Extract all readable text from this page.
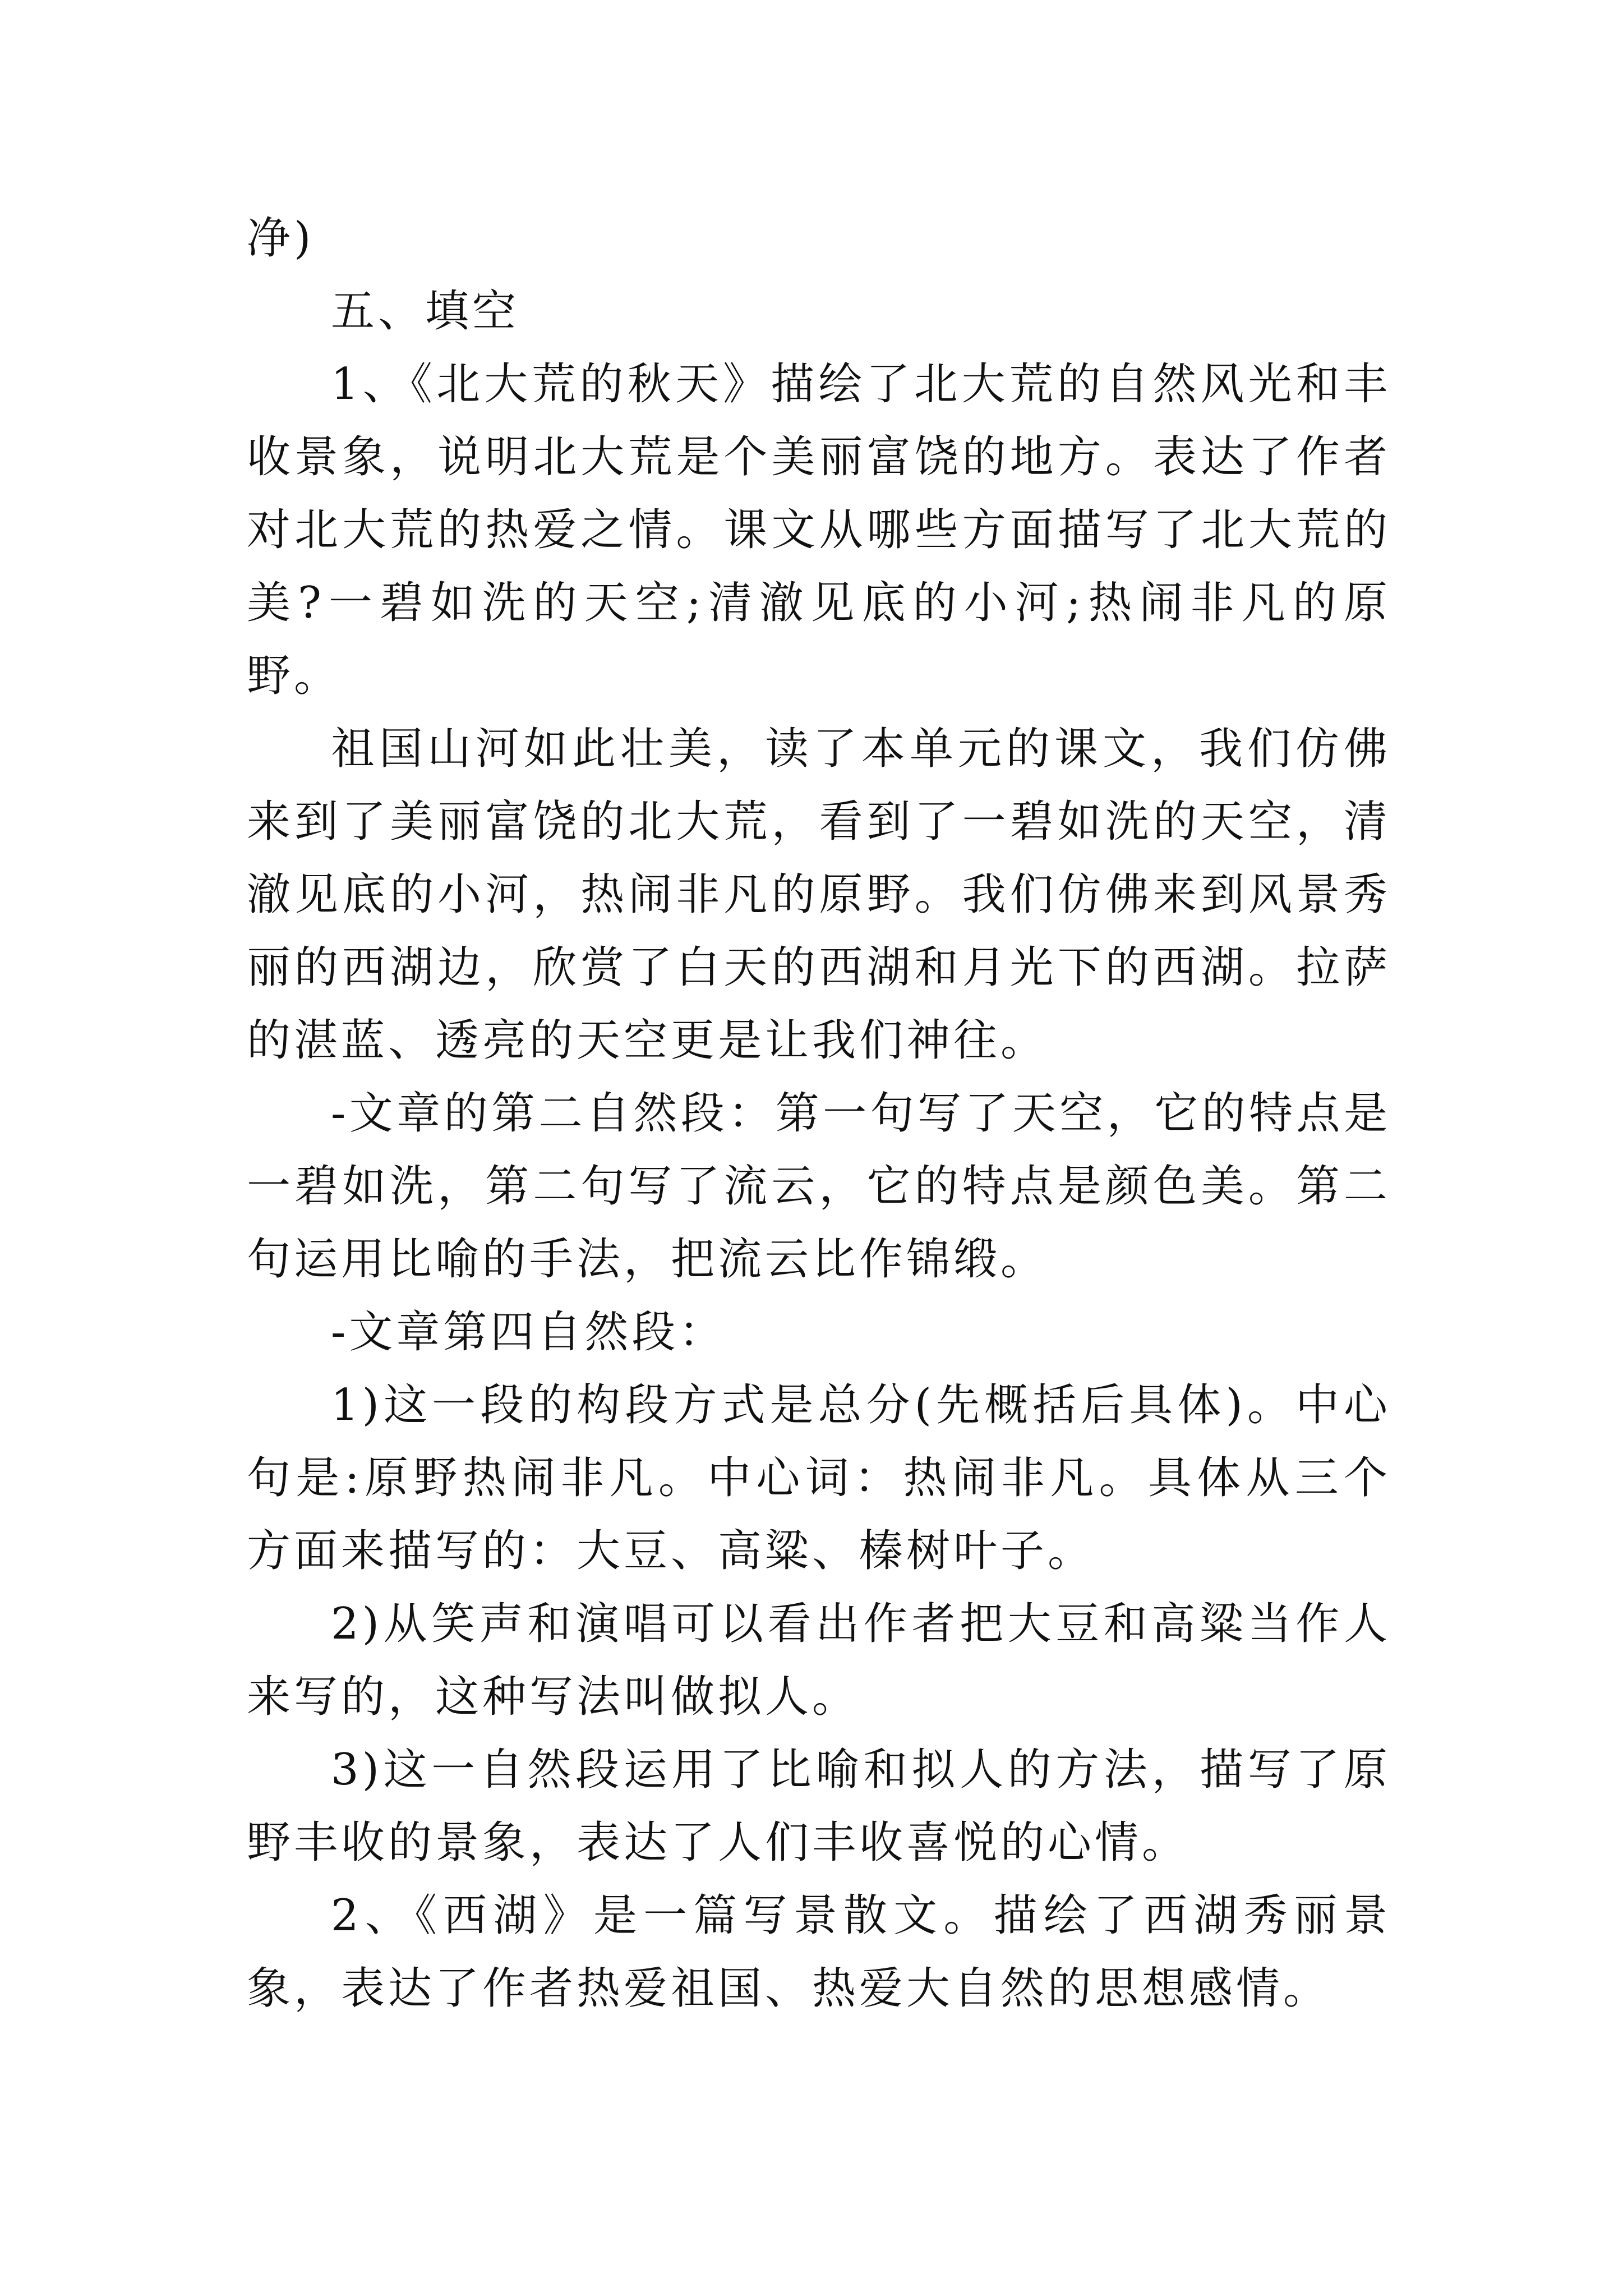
净)

五、填空

1、《北大荒的秋天》描绘了北大荒的自然风光和丰收景象，说明北大荒是个美丽富饶的地方。表达了作者对北大荒的热爱之情。课文从哪些方面描写了北大荒的美?一碧如洗的天空;清澈见底的小河;热闹非凡的原野。

祖国山河如此壮美，读了本单元的课文，我们仿佛来到了美丽富饶的北大荒，看到了一碧如洗的天空，清澈见底的小河，热闹非凡的原野。我们仿佛来到风景秀丽的西湖边，欣赏了白天的西湖和月光下的西湖。拉萨的湛蓝、透亮的天空更是让我们神往。

-文章的第二自然段：第一句写了天空，它的特点是一碧如洗，第二句写了流云，它的特点是颜色美。第二句运用比喻的手法，把流云比作锦缎。

-文章第四自然段：

1)这一段的构段方式是总分(先概括后具体)。中心句是:原野热闹非凡。中心词：热闹非凡。具体从三个方面来描写的：大豆、高粱、榛树叶子。

2)从笑声和演唱可以看出作者把大豆和高粱当作人来写的，这种写法叫做拟人。

3)这一自然段运用了比喻和拟人的方法，描写了原野丰收的景象，表达了人们丰收喜悦的心情。

2、《西湖》是一篇写景散文。描绘了西湖秀丽景象，表达了作者热爱祖国、热爱大自然的思想感情。
